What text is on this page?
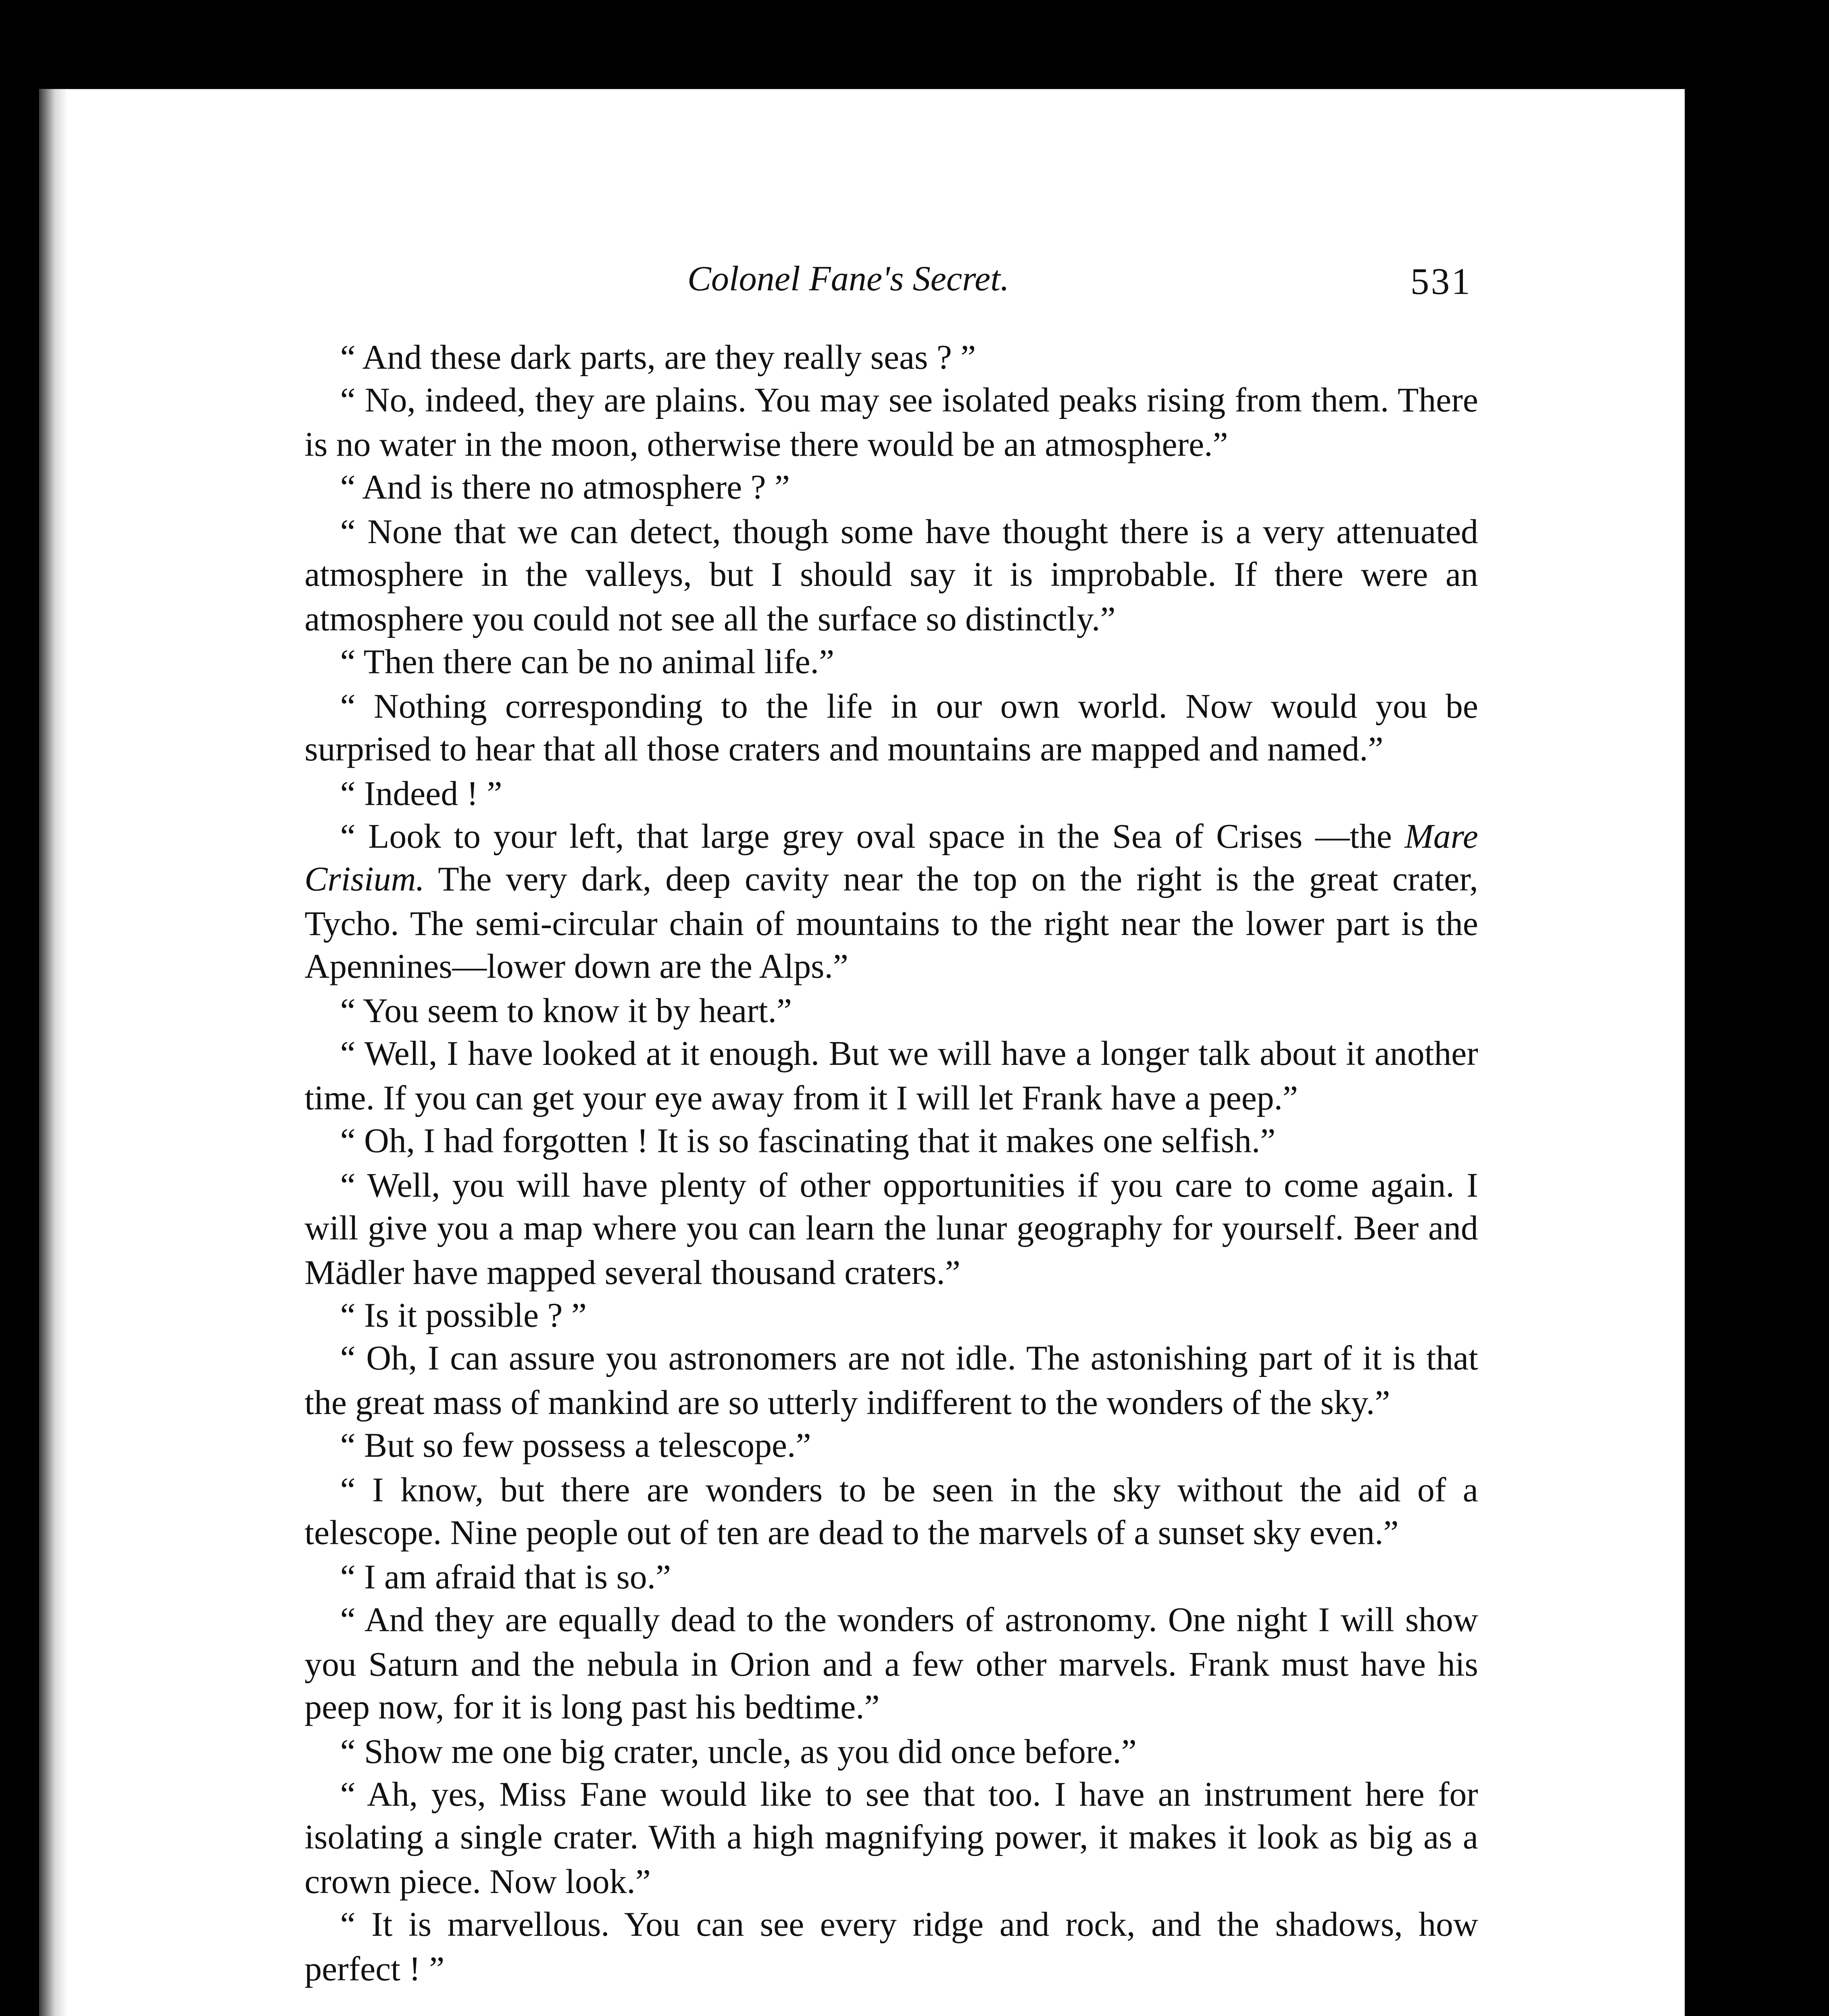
Colonel Fane's Secret.	531

“ And these dark parts, are they really seas ? ”

“ No, indeed, they are plains. You may see isolated peaks rising from them. There is no water in the moon, otherwise there would be an atmosphere.”

“ And is there no atmosphere ? ”

“ None that we can detect, though some have thought there is a very attenuated atmosphere in the valleys, but I should say it is improbable. If there were an atmosphere you could not see all the surface so distinctly.”

“ Then there can be no animal life.”

“ Nothing corresponding to the life in our own world. Now would you be surprised to hear that all those craters and mountains are mapped and named.”

“ Indeed ! ”

“ Look to your left, that large grey oval space in the Sea of Crises —the Mare Crisium. The very dark, deep cavity near the top on the right is the great crater, Tycho. The semi-circular chain of mountains to the right near the lower part is the Apennines—lower down are the Alps.”

“ You seem to know it by heart.”

“ Well, I have looked at it enough. But we will have a longer talk about it another time. If you can get your eye away from it I will let Frank have a peep.”

“ Oh, I had forgotten ! It is so fascinating that it makes one selfish.”

“ Well, you will have plenty of other opportunities if you care to come again. I will give you a map where you can learn the lunar geography for yourself. Beer and Mädler have mapped several thousand craters.”

“ Is it possible ? ”

“ Oh, I can assure you astronomers are not idle. The astonishing part of it is that the great mass of mankind are so utterly indifferent to the wonders of the sky.”

“ But so few possess a telescope.”

“ I know, but there are wonders to be seen in the sky without the aid of a telescope. Nine people out of ten are dead to the marvels of a sunset sky even.”

“ I am afraid that is so.”

“ And they are equally dead to the wonders of astronomy. One night I will show you Saturn and the nebula in Orion and a few other marvels. Frank must have his peep now, for it is long past his bedtime.”

“ Show me one big crater, uncle, as you did once before.”

“ Ah, yes, Miss Fane would like to see that too. I have an instrument here for isolating a single crater. With a high magnifying power, it makes it look as big as a crown piece. Now look.”

“ It is marvellous. You can see every ridge and rock, and the shadows, how perfect ! ”
